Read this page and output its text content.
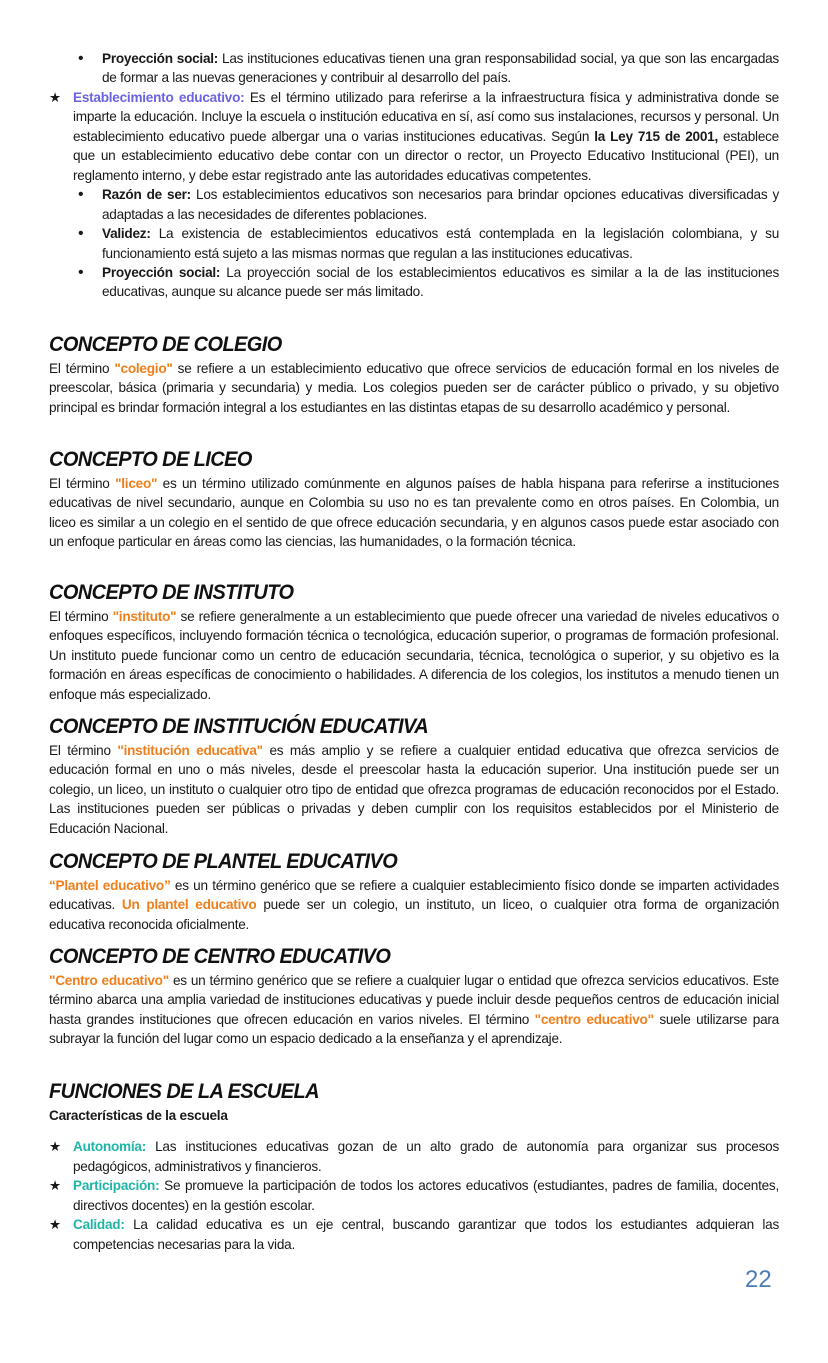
•	Proyección social: Las instituciones educativas tienen una gran responsabilidad social, ya que son las encargadas de formar a las nuevas generaciones y contribuir al desarrollo del país.
★ Establecimiento educativo: Es el término utilizado para referirse a la infraestructura física y administrativa donde se imparte la educación. Incluye la escuela o institución educativa en sí, así como sus instalaciones, recursos y personal. Un establecimiento educativo puede albergar una o varias instituciones educativas. Según la Ley 715 de 2001, establece que un establecimiento educativo debe contar con un director o rector, un Proyecto Educativo Institucional (PEI), un reglamento interno, y debe estar registrado ante las autoridades educativas competentes.
•	Razón de ser: Los establecimientos educativos son necesarios para brindar opciones educativas diversificadas y adaptadas a las necesidades de diferentes poblaciones.
•	Validez: La existencia de establecimientos educativos está contemplada en la legislación colombiana, y su funcionamiento está sujeto a las mismas normas que regulan a las instituciones educativas.
•	Proyección social: La proyección social de los establecimientos educativos es similar a la de las instituciones educativas, aunque su alcance puede ser más limitado.
CONCEPTO DE COLEGIO

El término "colegio" se refiere a un establecimiento educativo que ofrece servicios de educación formal en los niveles de preescolar, básica (primaria y secundaria) y media. Los colegios pueden ser de carácter público o privado, y su objetivo principal es brindar formación integral a los estudiantes en las distintas etapas de su desarrollo académico y personal.

CONCEPTO DE LICEO

El término "liceo" es un término utilizado comúnmente en algunos países de habla hispana para referirse a instituciones educativas de nivel secundario, aunque en Colombia su uso no es tan prevalente como en otros países. En Colombia, un liceo es similar a un colegio en el sentido de que ofrece educación secundaria, y en algunos casos puede estar asociado con un enfoque particular en áreas como las ciencias, las humanidades, o la formación técnica.

CONCEPTO DE INSTITUTO

El término "instituto" se refiere generalmente a un establecimiento que puede ofrecer una variedad de niveles educativos o enfoques específicos, incluyendo formación técnica o tecnológica, educación superior, o programas de formación profesional. Un instituto puede funcionar como un centro de educación secundaria, técnica, tecnológica o superior, y su objetivo es la formación en áreas específicas de conocimiento o habilidades. A diferencia de los colegios, los institutos a menudo tienen un enfoque más especializado.

CONCEPTO DE INSTITUCIÓN EDUCATIVA

El término "institución educativa" es más amplio y se refiere a cualquier entidad educativa que ofrezca servicios de educación formal en uno o más niveles, desde el preescolar hasta la educación superior. Una institución puede ser un colegio, un liceo, un instituto o cualquier otro tipo de entidad que ofrezca programas de educación reconocidos por el Estado. Las instituciones pueden ser públicas o privadas y deben cumplir con los requisitos establecidos por el Ministerio de Educación Nacional.

CONCEPTO DE PLANTEL EDUCATIVO

“Plantel educativo” es un término genérico que se refiere a cualquier establecimiento físico donde se imparten actividades educativas. Un plantel educativo puede ser un colegio, un instituto, un liceo, o cualquier otra forma de organización educativa reconocida oficialmente.

CONCEPTO DE CENTRO EDUCATIVO

"Centro educativo" es un término genérico que se refiere a cualquier lugar o entidad que ofrezca servicios educativos. Este término abarca una amplia variedad de instituciones educativas y puede incluir desde pequeños centros de educación inicial hasta grandes instituciones que ofrecen educación en varios niveles. El término "centro educativo" suele utilizarse para subrayar la función del lugar como un espacio dedicado a la enseñanza y el aprendizaje.

FUNCIONES DE LA ESCUELA
Características de la escuela
★ Autonomía: Las instituciones educativas gozan de un alto grado de autonomía para organizar sus procesos pedagógicos, administrativos y financieros.
★ Participación: Se promueve la participación de todos los actores educativos (estudiantes, padres de familia, docentes, directivos docentes) en la gestión escolar.
★ Calidad: La calidad educativa es un eje central, buscando garantizar que todos los estudiantes adquieran las competencias necesarias para la vida.
22
